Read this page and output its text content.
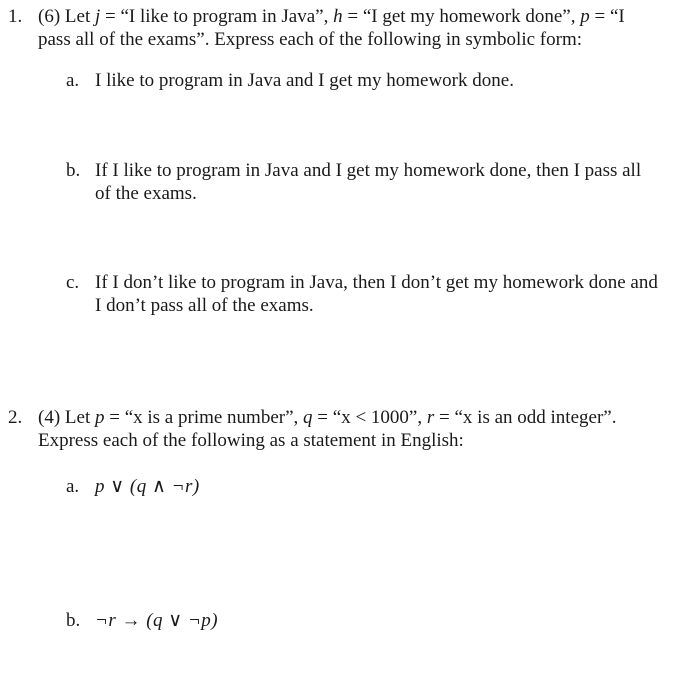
1. (6) Let j = “I like to program in Java”, h = “I get my homework done”, p = “I
pass all of the exams”. Express each of the following in symbolic form:
a. I like to program in Java and I get my homework done.
b. If I like to program in Java and I get my homework done, then I pass all of the exams.
c. If I don’t like to program in Java, then I don’t get my homework done and I don’t pass all of the exams.
2. (4) Let p = “x is a prime number”, q = “x < 1000”, r = “x is an odd integer”.
Express each of the following as a statement in English:
a. p ∨ (q ∧ ¬r)
b. ¬r → (q ∨ ¬p)
